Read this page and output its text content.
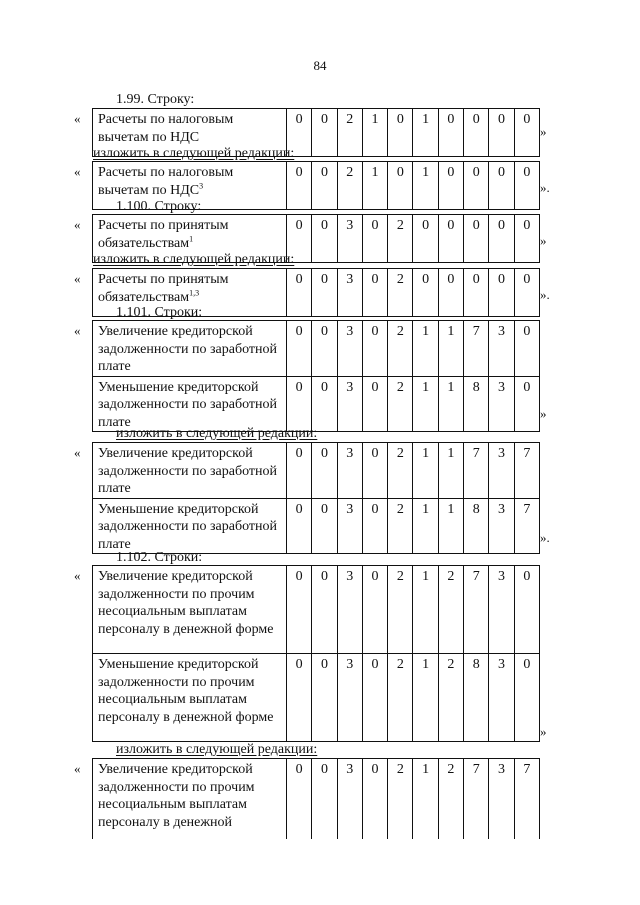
84
1.99. Строку:
« Расчеты по налоговым вычетам по НДС	0	0	2	1	0	1	0	0	0	0
»
изложить в следующей редакции:
« Расчеты по налоговым вычетам по НДС$^3$	0	0	2	1	0	1	0	0	0	0
».
1.100. Строку:
« Расчеты по принятым обязательствам$^1$	0	0	3	0	2	0	0	0	0	0
»
изложить в следующей редакции:
« Расчеты по принятым обязательствам$^{1,3}$	0	0	3	0	2	0	0	0	0	0
».
1.101. Строки:
« Увеличение кредиторской задолженности по заработной плате	0	0	3	0	2	1	1	7	3	0
Уменьшение кредиторской задолженности по заработной плате	0	0	3	0	2	1	1	8	3	0
»
изложить в следующей редакции:
« Увеличение кредиторской задолженности по заработной плате	0	0	3	0	2	1	1	7	3	7
Уменьшение кредиторской задолженности по заработной плате	0	0	3	0	2	1	1	8	3	7
».
1.102. Строки:
« Увеличение кредиторской задолженности по прочим несоциальным выплатам персоналу в денежной форме	0	0	3	0	2	1	2	7	3	0
Уменьшение кредиторской задолженности по прочим несоциальным выплатам персоналу в денежной форме	0	0	3	0	2	1	2	8	3	0
»
изложить в следующей редакции:
« Увеличение кредиторской задолженности по прочим несоциальным выплатам персоналу в денежной	0	0	3	0	2	1	2	7	3	7
